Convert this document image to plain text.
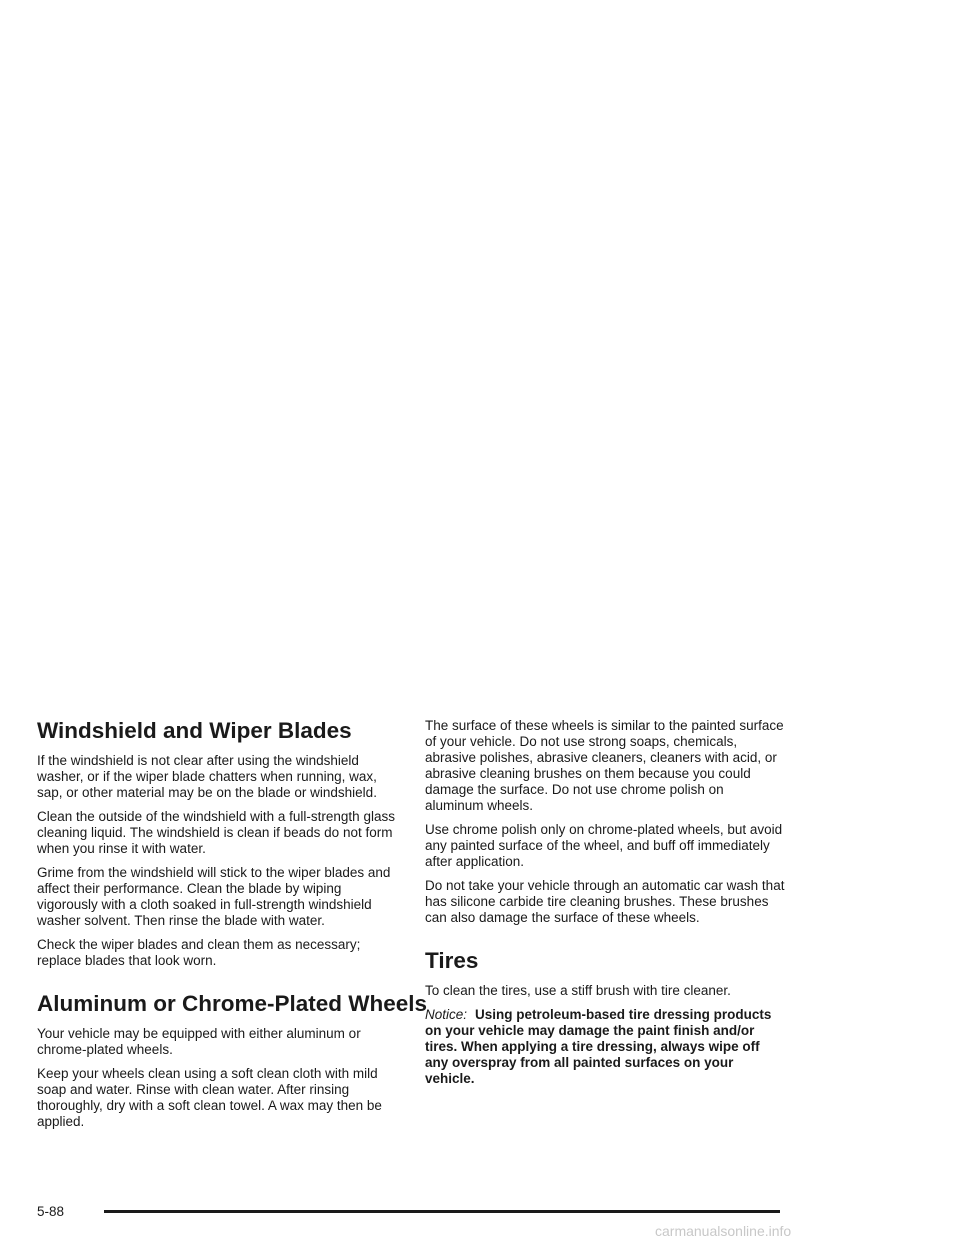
Windshield and Wiper Blades

If the windshield is not clear after using the windshield washer, or if the wiper blade chatters when running, wax, sap, or other material may be on the blade or windshield.

Clean the outside of the windshield with a full-strength glass cleaning liquid. The windshield is clean if beads do not form when you rinse it with water.

Grime from the windshield will stick to the wiper blades and affect their performance. Clean the blade by wiping vigorously with a cloth soaked in full-strength windshield washer solvent. Then rinse the blade with water.

Check the wiper blades and clean them as necessary; replace blades that look worn.

Aluminum or Chrome-Plated Wheels

Your vehicle may be equipped with either aluminum or chrome-plated wheels.

Keep your wheels clean using a soft clean cloth with mild soap and water. Rinse with clean water. After rinsing thoroughly, dry with a soft clean towel. A wax may then be applied.

The surface of these wheels is similar to the painted surface of your vehicle. Do not use strong soaps, chemicals, abrasive polishes, abrasive cleaners, cleaners with acid, or abrasive cleaning brushes on them because you could damage the surface. Do not use chrome polish on aluminum wheels.

Use chrome polish only on chrome-plated wheels, but avoid any painted surface of the wheel, and buff off immediately after application.

Do not take your vehicle through an automatic car wash that has silicone carbide tire cleaning brushes. These brushes can also damage the surface of these wheels.

Tires

To clean the tires, use a stiff brush with tire cleaner.

Notice: Using petroleum-based tire dressing products on your vehicle may damage the paint finish and/or tires. When applying a tire dressing, always wipe off any overspray from all painted surfaces on your vehicle.

5-88
carmanualsonline.info
